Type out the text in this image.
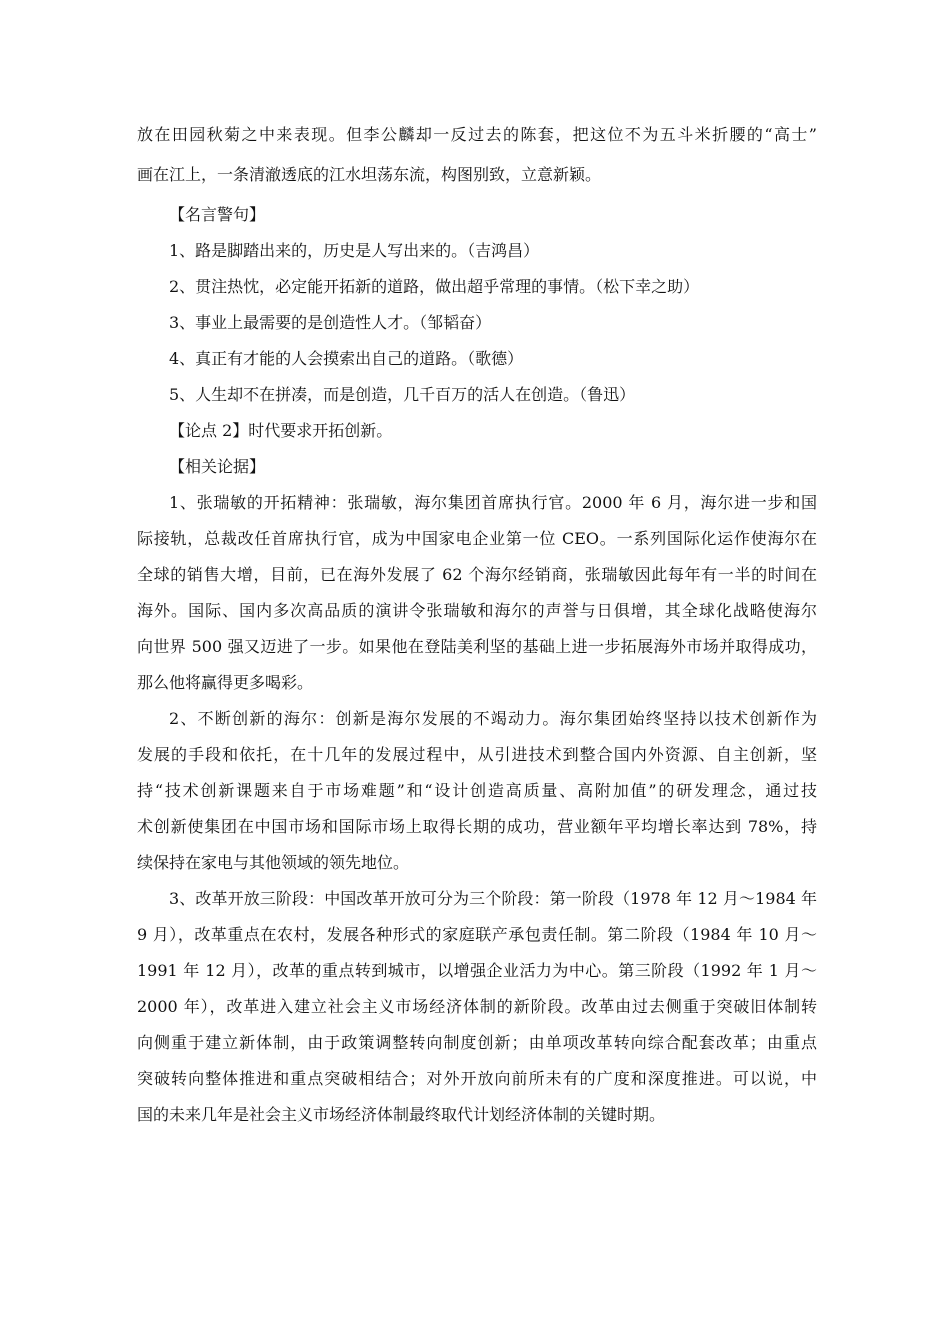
放在田园秋菊之中来表现。但李公麟却一反过去的陈套，把这位不为五斗米折腰的“高士”
画在江上，一条清澈透底的江水坦荡东流，构图别致，立意新颖。
【名言警句】
1、路是脚踏出来的，历史是人写出来的。（吉鸿昌）
2、贯注热忱，必定能开拓新的道路，做出超乎常理的事情。（松下幸之助）
3、事业上最需要的是创造性人才。（邹韬奋）
4、真正有才能的人会摸索出自己的道路。（歌德）
5、人生却不在拼凑，而是创造，几千百万的活人在创造。（鲁迅）
【论点 2】时代要求开拓创新。
【相关论据】
1、张瑞敏的开拓精神：张瑞敏，海尔集团首席执行官。2000 年 6 月，海尔进一步和国
际接轨，总裁改任首席执行官，成为中国家电企业第一位 CEO。一系列国际化运作使海尔在
全球的销售大增，目前，已在海外发展了 62 个海尔经销商，张瑞敏因此每年有一半的时间在
海外。国际、国内多次高品质的演讲令张瑞敏和海尔的声誉与日俱增，其全球化战略使海尔
向世界 500 强又迈进了一步。如果他在登陆美利坚的基础上进一步拓展海外市场并取得成功，
那么他将赢得更多喝彩。
2、不断创新的海尔：创新是海尔发展的不竭动力。海尔集团始终坚持以技术创新作为
发展的手段和依托，在十几年的发展过程中，从引进技术到整合国内外资源、自主创新，坚
持“技术创新课题来自于市场难题”和“设计创造高质量、高附加值”的研发理念，通过技
术创新使集团在中国市场和国际市场上取得长期的成功，营业额年平均增长率达到 78%，持
续保持在家电与其他领域的领先地位。
3、改革开放三阶段：中国改革开放可分为三个阶段：第一阶段（1978 年 12 月～1984 年
9 月），改革重点在农村，发展各种形式的家庭联产承包责任制。第二阶段（1984 年 10 月～
1991 年 12 月），改革的重点转到城市，以增强企业活力为中心。第三阶段（1992 年 1 月～
2000 年），改革进入建立社会主义市场经济体制的新阶段。改革由过去侧重于突破旧体制转
向侧重于建立新体制，由于政策调整转向制度创新；由单项改革转向综合配套改革；由重点
突破转向整体推进和重点突破相结合；对外开放向前所未有的广度和深度推进。可以说，中
国的未来几年是社会主义市场经济体制最终取代计划经济体制的关键时期。
